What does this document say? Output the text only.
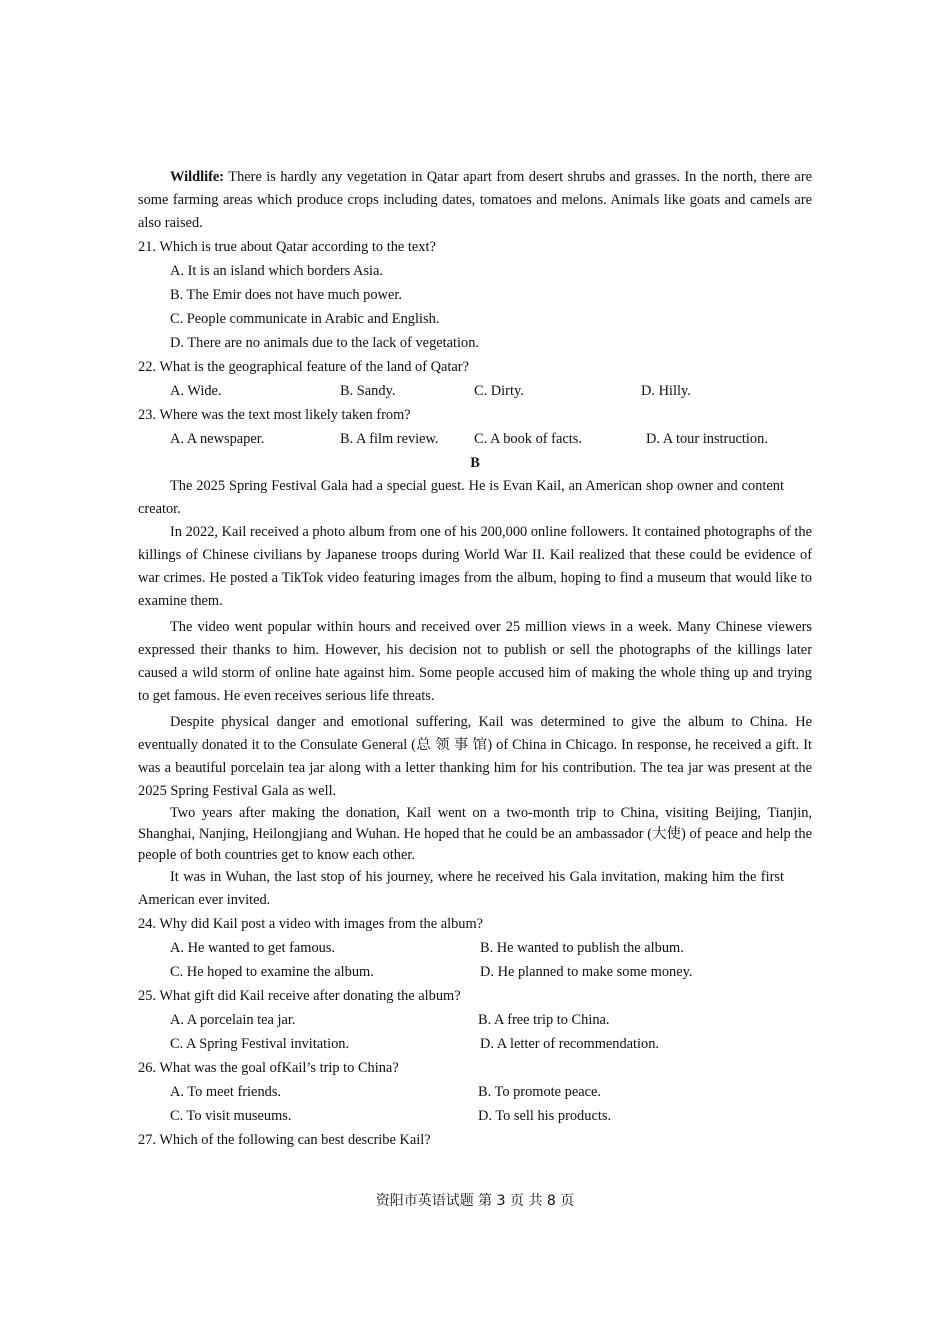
Wildlife: There is hardly any vegetation in Qatar apart from desert shrubs and grasses. In the north, there are some farming areas which produce crops including dates, tomatoes and melons. Animals like goats and camels are also raised.

21. Which is true about Qatar according to the text?

A. It is an island which borders Asia.

B. The Emir does not have much power.

C. People communicate in Arabic and English.

D. There are no animals due to the lack of vegetation.

22. What is the geographical feature of the land of Qatar?

A. Wide.	B. Sandy.	C. Dirty.	D. Hilly.

23. Where was the text most likely taken from?

A. A newspaper.	B. A film review. C. A book of facts.	D. A tour instruction.

B

The 2025 Spring Festival Gala had a special guest. He is Evan Kail, an American shop owner and content creator.

In 2022, Kail received a photo album from one of his 200,000 online followers. It contained photographs of the killings of Chinese civilians by Japanese troops during World War II. Kail realized that these could be evidence of war crimes. He posted a TikTok video featuring images from the album, hoping to find a museum that would like to examine them.

The video went popular within hours and received over 25 million views in a week. Many Chinese viewers expressed their thanks to him. However, his decision not to publish or sell the photographs of the killings later caused a wild storm of online hate against him. Some people accused him of making the whole thing up and trying to get famous. He even receives serious life threats.

Despite physical danger and emotional suffering, Kail was determined to give the album to China. He eventually donated it to the Consulate General (总 领 事 馆) of China in Chicago. In response, he received a gift. It was a beautiful porcelain tea jar along with a letter thanking him for his contribution. The tea jar was present at the 2025 Spring Festival Gala as well.

Two years after making the donation, Kail went on a two-month trip to China, visiting Beijing, Tianjin, Shanghai, Nanjing, Heilongjiang and Wuhan. He hoped that he could be an ambassador (大使) of peace and help the people of both countries get to know each other.

It was in Wuhan, the last stop of his journey, where he received his Gala invitation, making him the first American ever invited.

24. Why did Kail post a video with images from the album?

A. He wanted to get famous.	B. He wanted to publish the album.
C. He hoped to examine the album.	D. He planned to make some money.

25. What gift did Kail receive after donating the album?

A. A porcelain tea jar.	B. A free trip to China.
C. A Spring Festival invitation.	D. A letter of recommendation.

26. What was the goal ofKail’s trip to China?

A. To meet friends.	B. To promote peace.
C. To visit museums.	D. To sell his products.

27. Which of the following can best describe Kail?

资阳市英语试题 第 3 页 共 8 页
